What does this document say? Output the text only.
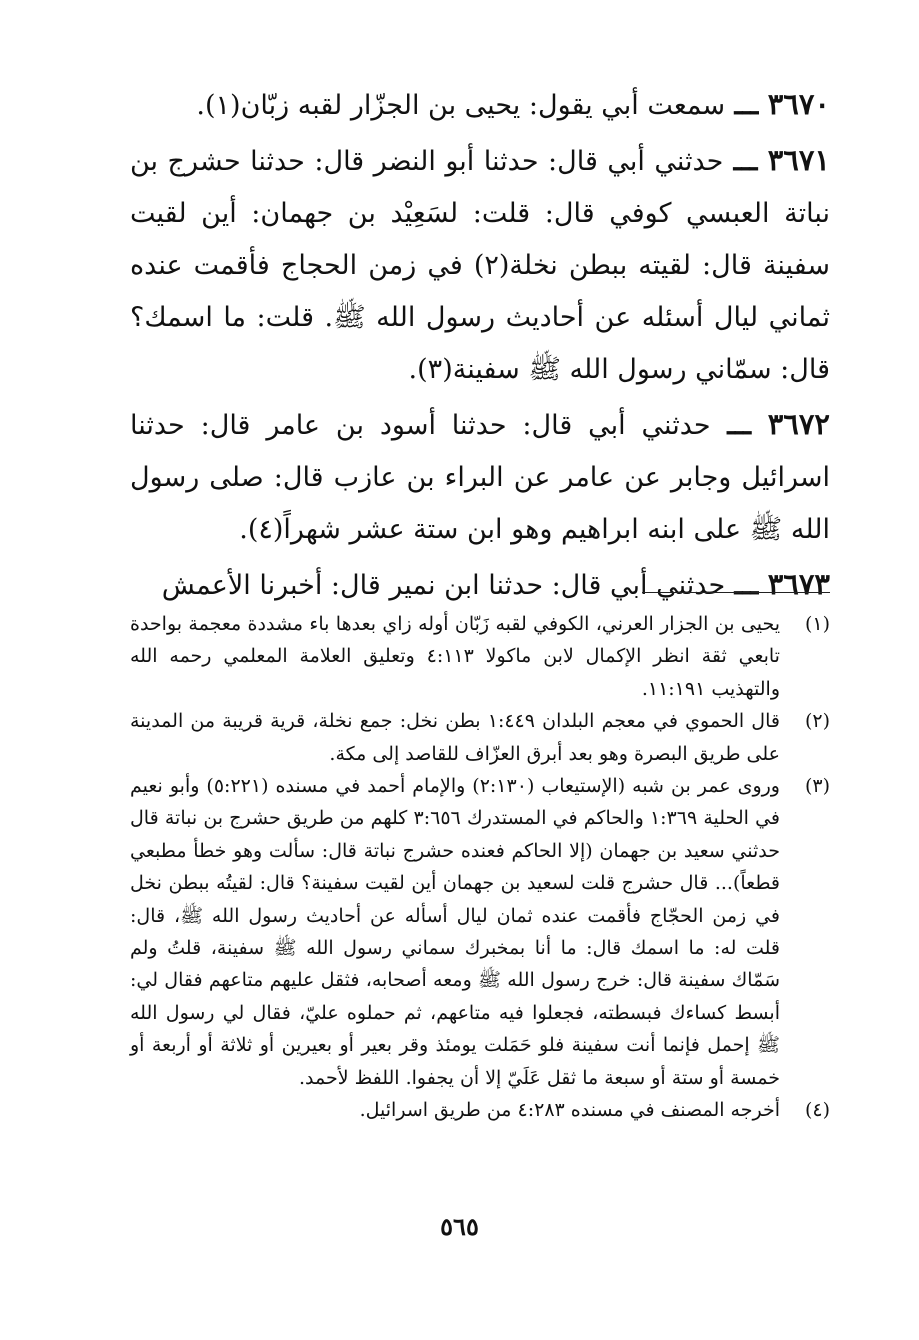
٣٦٧٠ ـــ سمعت أبي يقول: يحيى بن الجزّار لقبه زبّان(١).

٣٦٧١ ـــ حدثني أبي قال: حدثنا أبو النضر قال: حدثنا حشرج بن نباتة العبسي كوفي قال: قلت: لسَعِيْد بن جهمان: أين لقيت سفينة قال: لقيته ببطن نخلة(٢) في زمن الحجاج فأقمت عنده ثماني ليال أسئله عن أحاديث رسول الله ﷺ. قلت: ما اسمك؟ قال: سمّاني رسول الله ﷺ سفينة(٣).

٣٦٧٢ ـــ حدثني أبي قال: حدثنا أسود بن عامر قال: حدثنا اسرائيل وجابر عن عامر عن البراء بن عازب قال: صلى رسول الله ﷺ على ابنه ابراهيم وهو ابن ستة عشر شهراً(٤).

٣٦٧٣ ـــ حدثني أبي قال: حدثنا ابن نمير قال: أخبرنا الأعمش

(١)
يحيى بن الجزار العرني، الكوفي لقبه زَبّان أوله زاي بعدها باء مشددة معجمة بواحدة تابعي ثقة انظر الإكمال لابن ماكولا ٤:١١٣ وتعليق العلامة المعلمي رحمه الله والتهذيب ١١:١٩١.
(٢)
قال الحموي في معجم البلدان ١:٤٤٩ بطن نخل: جمع نخلة، قرية قريبة من المدينة على طريق البصرة وهو بعد أبرق العزّاف للقاصد إلى مكة.
(٣)
وروى عمر بن شبه (الإستيعاب (٢:١٣٠) والإمام أحمد في مسنده (٥:٢٢١) وأبو نعيم في الحلية ١:٣٦٩ والحاكم في المستدرك ٣:٦٥٦ كلهم من طريق حشرج بن نباتة قال حدثني سعيد بن جهمان (إلا الحاكم فعنده حشرج نباتة قال: سألت وهو خطأ مطبعي قطعاً)... قال حشرج قلت لسعيد بن جهمان أين لقيت سفينة؟ قال: لقيتُه ببطن نخل في زمن الحجّاج فأقمت عنده ثمان ليال أسأله عن أحاديث رسول الله ﷺ، قال: قلت له: ما اسمك قال: ما أنا بمخبرك سماني رسول الله ﷺ سفينة، قلتُ ولم سَمّاك سفينة قال: خرج رسول الله ﷺ ومعه أصحابه، فثقل عليهم متاعهم فقال لي: أبسط كساءك فبسطته، فجعلوا فيه متاعهم، ثم حملوه عليّ، فقال لي رسول الله ﷺ إحمل فإنما أنت سفينة فلو حَمَلت يومئذ وقر بعير أو بعيرين أو ثلاثة أو أربعة أو خمسة أو ستة أو سبعة ما ثقل عَلَيّ إلا أن يجفوا. اللفظ لأحمد.
(٤)
أخرجه المصنف في مسنده ٤:٢٨٣ من طريق اسرائيل.
٥٦٥
